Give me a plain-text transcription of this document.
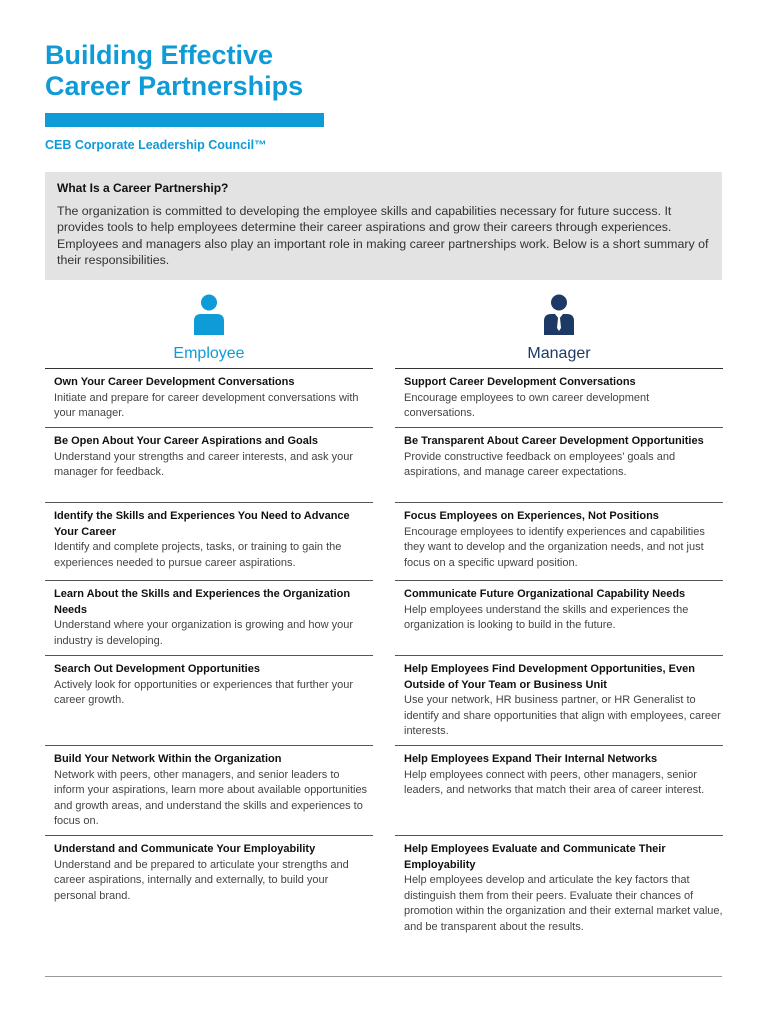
Building Effective
Career Partnerships
CEB Corporate Leadership Council™
What Is a Career Partnership?
The organization is committed to developing the employee skills and capabilities necessary for future success. It provides tools to help employees determine their career aspirations and grow their careers through experiences. Employees and managers also play an important role in making career partnerships work. Below is a short summary of their responsibilities.
Employee
Own Your Career Development Conversations
Initiate and prepare for career development conversations with your manager.
Be Open About Your Career Aspirations and Goals
Understand your strengths and career interests, and ask your manager for feedback.
Identify the Skills and Experiences You Need to Advance Your Career
Identify and complete projects, tasks, or training to gain the experiences needed to pursue career aspirations.
Learn About the Skills and Experiences the Organization Needs
Understand where your organization is growing and how your industry is developing.
Search Out Development Opportunities
Actively look for opportunities or experiences that further your career growth.
Build Your Network Within the Organization
Network with peers, other managers, and senior leaders to inform your aspirations, learn more about available opportunities and growth areas, and understand the skills and experiences to focus on.
Understand and Communicate Your Employability
Understand and be prepared to articulate your strengths and career aspirations, internally and externally, to build your personal brand.
Manager
Support Career Development Conversations
Encourage employees to own career development conversations.
Be Transparent About Career Development Opportunities
Provide constructive feedback on employees’ goals and aspirations, and manage career expectations.
Focus Employees on Experiences, Not Positions
Encourage employees to identify experiences and capabilities they want to develop and the organization needs, and not just focus on a specific upward position.
Communicate Future Organizational Capability Needs
Help employees understand the skills and experiences the organization is looking to build in the future.
Help Employees Find Development Opportunities, Even Outside of Your Team or Business Unit
Use your network, HR business partner, or HR Generalist to identify and share opportunities that align with employees, career interests.
Help Employees Expand Their Internal Networks
Help employees connect with peers, other managers, senior leaders, and networks that match their area of career interest.
Help Employees Evaluate and Communicate Their Employability
Help employees develop and articulate the key factors that distinguish them from their peers. Evaluate their chances of promotion within the organization and their external market value, and be transparent about the results.
